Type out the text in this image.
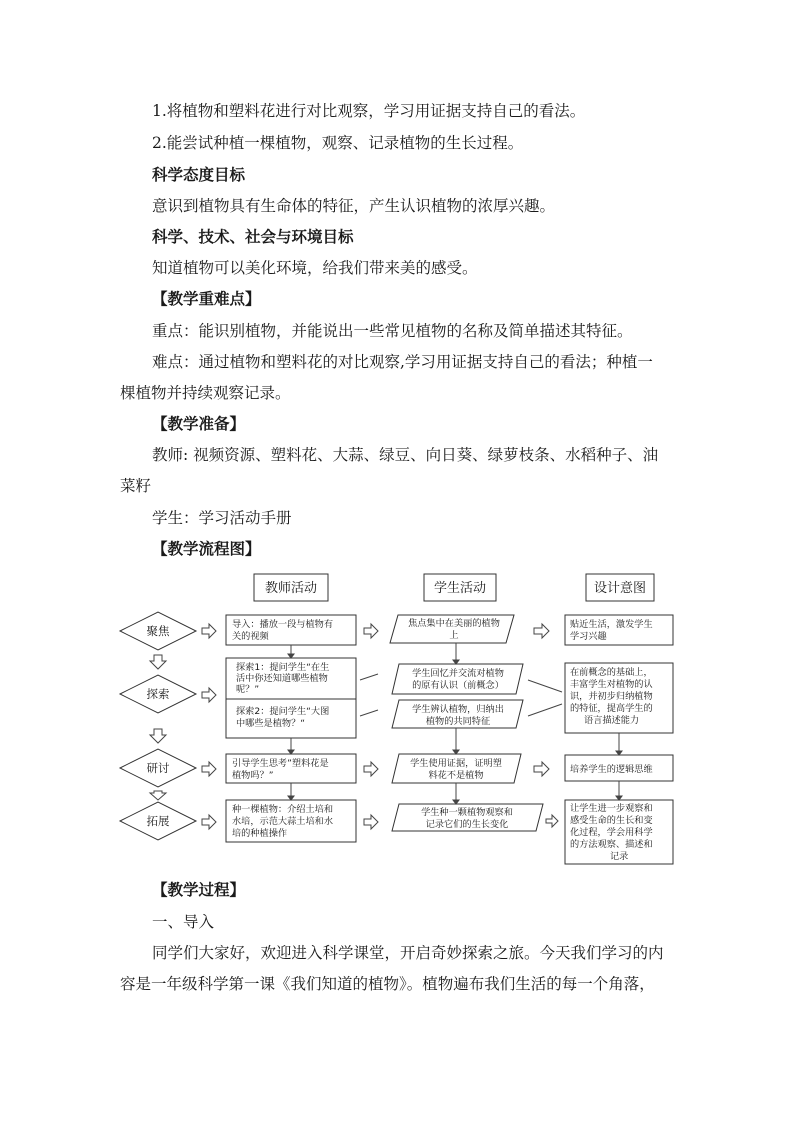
1.将植物和塑料花进行对比观察，学习用证据支持自己的看法。
2.能尝试种植一棵植物，观察、记录植物的生长过程。
科学态度目标
意识到植物具有生命体的特征，产生认识植物的浓厚兴趣。
科学、技术、社会与环境目标
知道植物可以美化环境，给我们带来美的感受。
【教学重难点】
重点：能识别植物，并能说出一些常见植物的名称及简单描述其特征。
难点：通过植物和塑料花的对比观察,学习用证据支持自己的看法；种植一
棵植物并持续观察记录。
【教学准备】
教师: 视频资源、塑料花、大蒜、绿豆、向日葵、绿萝枝条、水稻种子、油
菜籽
学生：学习活动手册
【教学流程图】
教师活动	学生活动	设计意图
聚焦
探索
研讨
拓展
导入：播放一段与植物有
关的视频
探索1：提问学生“在生
活中你还知道哪些植物
呢？”
探索2：提问学生“大图
中哪些是植物？“
引导学生思考”塑料花是
植物吗？”
种一棵植物：介绍土培和
水培，示范大蒜土培和水
培的种植操作
焦点集中在美丽的植物
上
学生回忆并交流对植物
的原有认识（前概念）
学生辨认植物，归纳出
植物的共同特征
学生使用证据，证明塑
料花不是植物
学生种一颗植物观察和
记录它们的生长变化
贴近生活，激发学生
学习兴趣
在前概念的基础上，
丰富学生对植物的认
识，并初步归纳植物
的特征，提高学生的
语言描述能力
培养学生的逻辑思维
让学生进一步观察和
感受生命的生长和变
化过程，学会用科学
的方法观察、描述和
记录
【教学过程】
一、导入
同学们大家好，欢迎进入科学课堂，开启奇妙探索之旅。今天我们学习的内
容是一年级科学第一课《我们知道的植物》。植物遍布我们生活的每一个角落，
